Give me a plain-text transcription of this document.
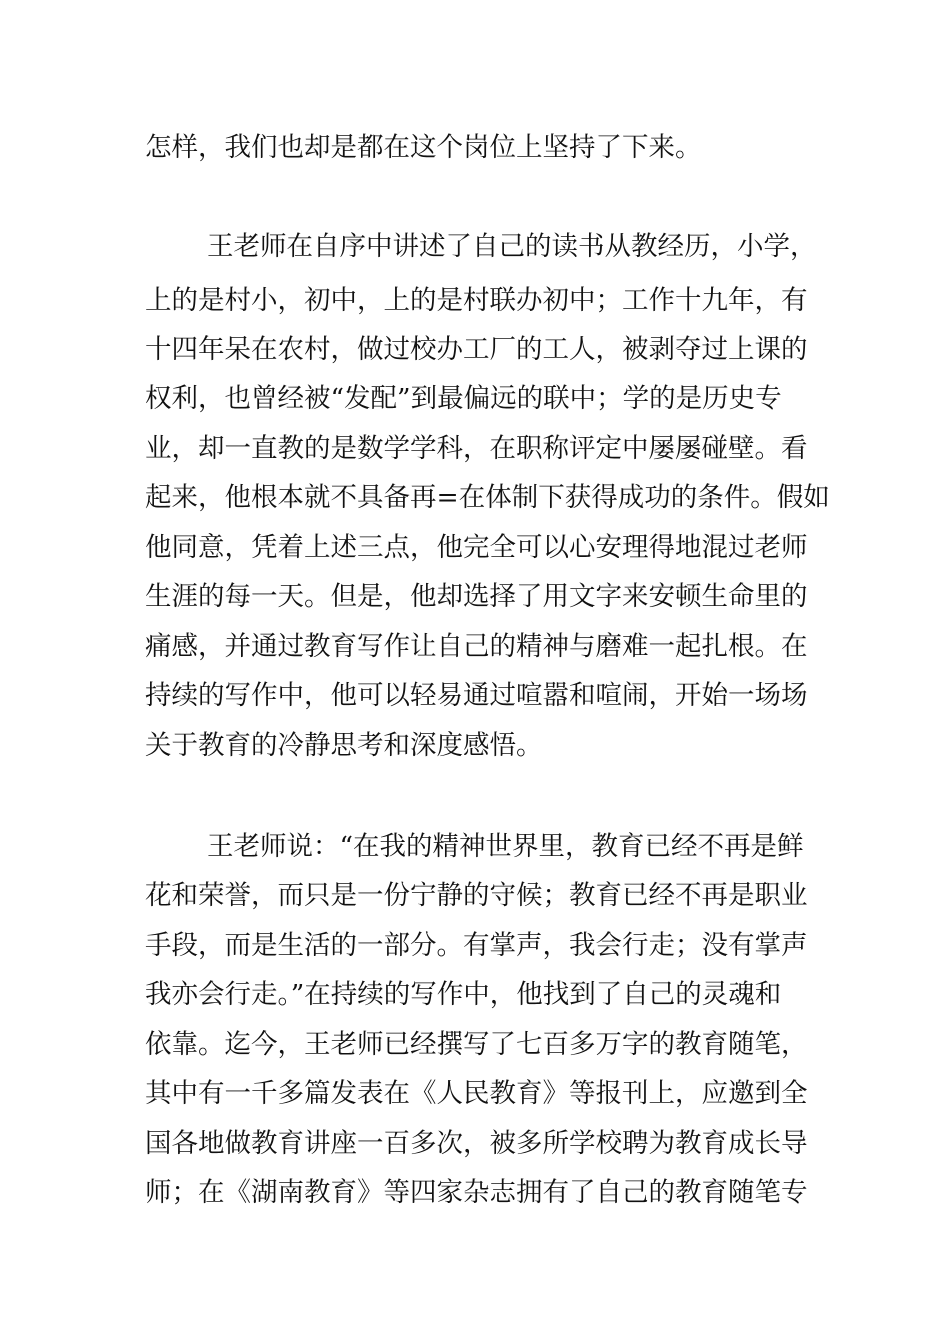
怎样，我们也却是都在这个岗位上坚持了下来。
王老师在自序中讲述了自己的读书从教经历，小学，
上的是村小，初中，上的是村联办初中；工作十九年，有
十四年呆在农村，做过校办工厂的工人，被剥夺过上课的
权利，也曾经被“发配”到最偏远的联中；学的是历史专
业，却一直教的是数学学科，在职称评定中屡屡碰壁。看
起来，他根本就不具备再=在体制下获得成功的条件。假如
他同意，凭着上述三点，他完全可以心安理得地混过老师
生涯的每一天。但是，他却选择了用文字来安顿生命里的
痛感，并通过教育写作让自己的精神与磨难一起扎根。在
持续的写作中，他可以轻易通过喧嚣和喧闹，开始一场场
关于教育的冷静思考和深度感悟。
王老师说：“在我的精神世界里，教育已经不再是鲜
花和荣誉，而只是一份宁静的守候；教育已经不再是职业
手段，而是生活的一部分。有掌声，我会行走；没有掌声
我亦会行走。”在持续的写作中，他找到了自己的灵魂和
依靠。迄今，王老师已经撰写了七百多万字的教育随笔，
其中有一千多篇发表在《人民教育》等报刊上，应邀到全
国各地做教育讲座一百多次，被多所学校聘为教育成长导
师；在《湖南教育》等四家杂志拥有了自己的教育随笔专
